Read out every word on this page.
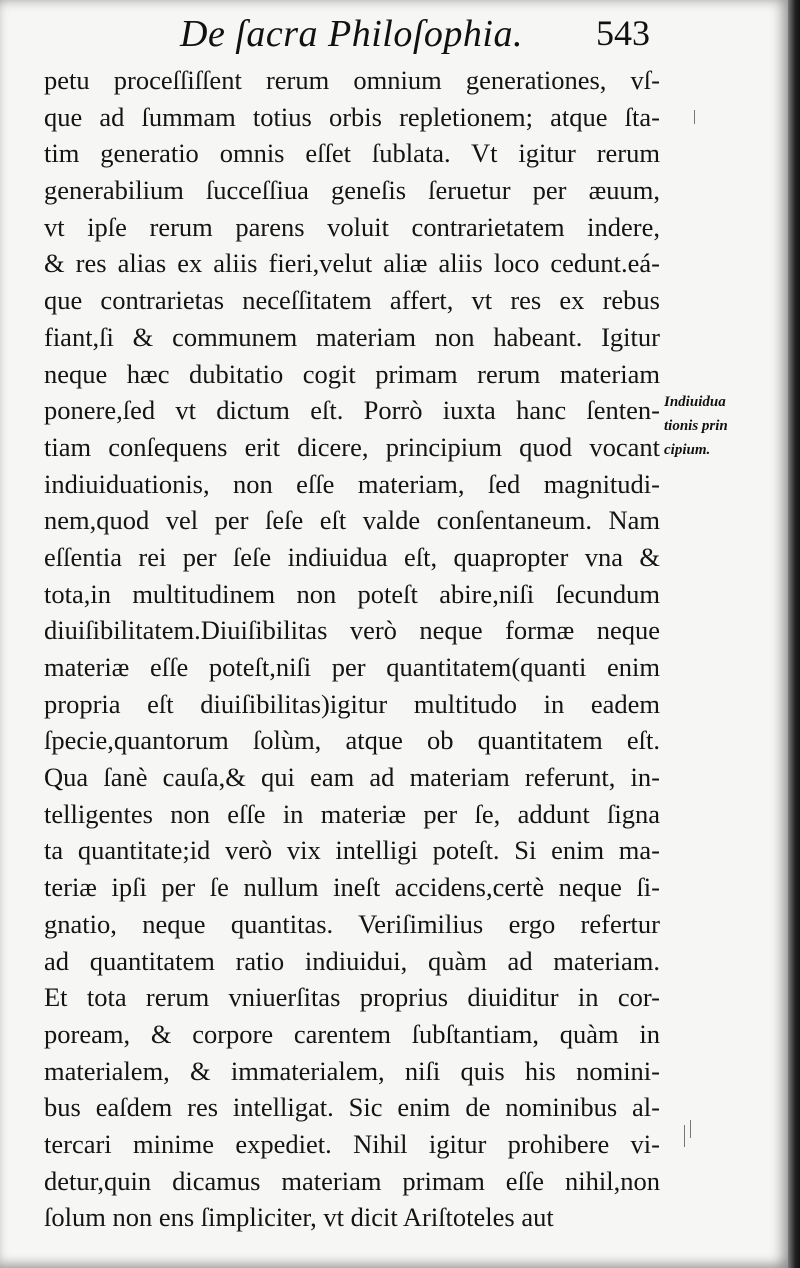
De ſacra Philoſophia. 543
petu proceſſiſſent rerum omnium generationes, vſ-
que ad ſummam totius orbis repletionem; atque ſta-
tim generatio omnis eſſet ſublata. Vt igitur rerum
generabilium ſucceſſiua geneſis ſeruetur per æuum,
vt ipſe rerum parens voluit contrarietatem indere,
& res alias ex aliis fieri,velut aliæ aliis loco cedunt.eá-
que contrarietas neceſſitatem affert, vt res ex rebus
fiant,ſi & communem materiam non habeant. Igitur
neque hæc dubitatio cogit primam rerum materiam
ponere,ſed vt dictum eſt. Porrò iuxta hanc ſenten-
tiam conſequens erit dicere, principium quod vocant
indiuiduationis, non eſſe materiam, ſed magnitudi-
nem,quod vel per ſeſe eſt valde conſentaneum. Nam
eſſentia rei per ſeſe indiuidua eſt, quapropter vna &
tota,in multitudinem non poteſt abire,niſi ſecundum
diuiſibilitatem.Diuiſibilitas verò neque formæ neque
materiæ eſſe poteſt,niſi per quantitatem(quanti enim
propria eſt diuiſibilitas)igitur multitudo in eadem
ſpecie,quantorum ſolùm, atque ob quantitatem eſt.
Qua ſanè cauſa,& qui eam ad materiam referunt, in-
telligentes non eſſe in materiæ per ſe, addunt ſigna
ta quantitate;id verò vix intelligi poteſt. Si enim ma-
teriæ ipſi per ſe nullum ineſt accidens,certè neque ſi-
gnatio, neque quantitas. Veriſimilius ergo refertur
ad quantitatem ratio indiuidui, quàm ad materiam.
Et tota rerum vniuerſitas proprius diuiditur in cor-
poream, & corpore carentem ſubſtantiam, quàm in
materialem, & immaterialem, niſi quis his nomini-
bus eaſdem res intelligat. Sic enim de nominibus al-
tercari minime expediet. Nihil igitur prohibere vi-
detur,quin dicamus materiam primam eſſe nihil,non
ſolum non ens ſimpliciter, vt dicit Ariſtoteles aut
Indiuidua
tionis prin
cipium.
